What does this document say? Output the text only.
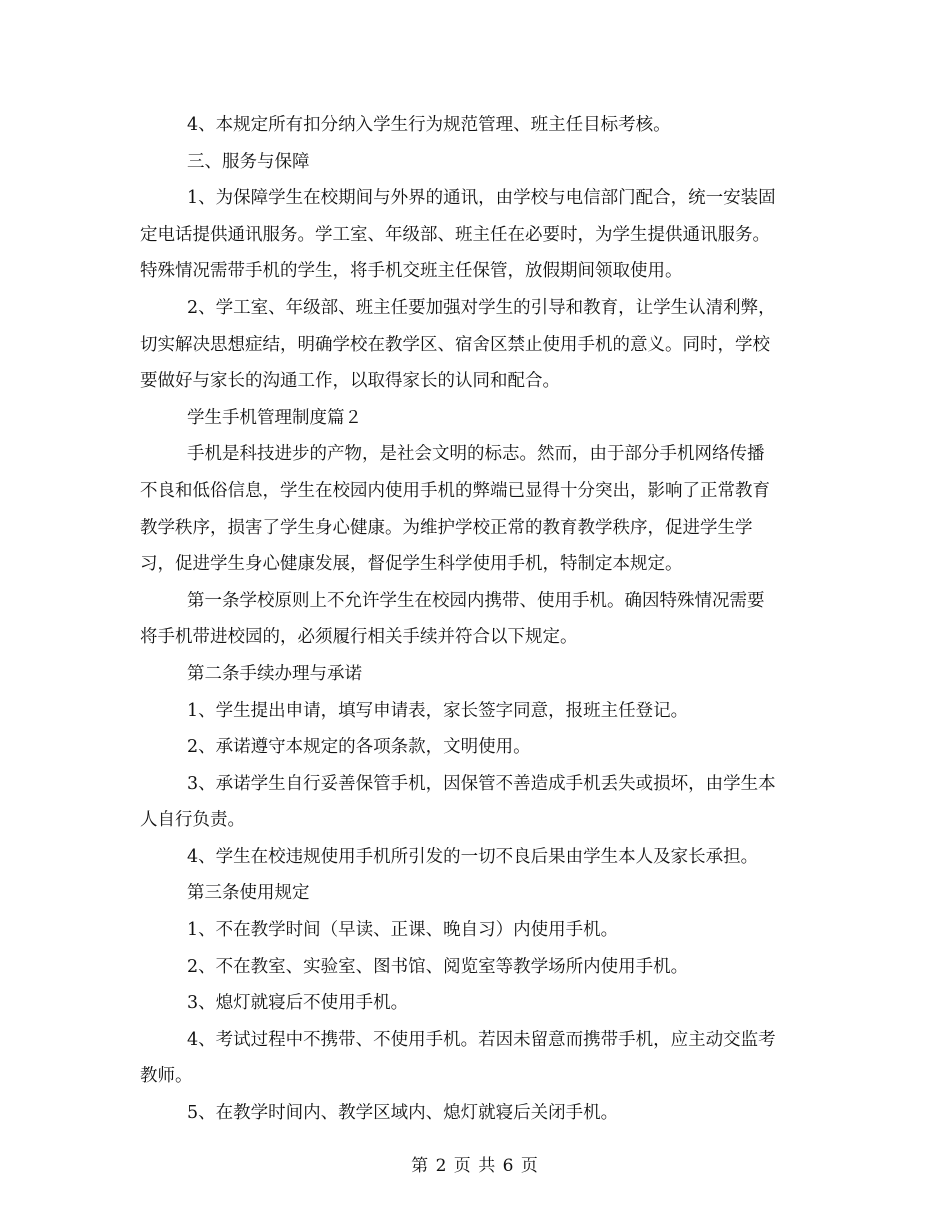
4、本规定所有扣分纳入学生行为规范管理、班主任目标考核。

三、服务与保障

1、为保障学生在校期间与外界的通讯，由学校与电信部门配合，统一安装固
定电话提供通讯服务。学工室、年级部、班主任在必要时，为学生提供通讯服务。
特殊情况需带手机的学生，将手机交班主任保管，放假期间领取使用。

2、学工室、年级部、班主任要加强对学生的引导和教育，让学生认清利弊，
切实解决思想症结，明确学校在教学区、宿舍区禁止使用手机的意义。同时，学校
要做好与家长的沟通工作，以取得家长的认同和配合。

学生手机管理制度篇２

手机是科技进步的产物，是社会文明的标志。然而，由于部分手机网络传播
不良和低俗信息，学生在校园内使用手机的弊端已显得十分突出，影响了正常教育
教学秩序，损害了学生身心健康。为维护学校正常的教育教学秩序，促进学生学
习，促进学生身心健康发展，督促学生科学使用手机，特制定本规定。

第一条学校原则上不允许学生在校园内携带、使用手机。确因特殊情况需要
将手机带进校园的，必须履行相关手续并符合以下规定。

第二条手续办理与承诺

1、学生提出申请，填写申请表，家长签字同意，报班主任登记。

2、承诺遵守本规定的各项条款，文明使用。

3、承诺学生自行妥善保管手机，因保管不善造成手机丢失或损坏，由学生本
人自行负责。

4、学生在校违规使用手机所引发的一切不良后果由学生本人及家长承担。

第三条使用规定

1、不在教学时间（早读、正课、晚自习）内使用手机。

2、不在教室、实验室、图书馆、阅览室等教学场所内使用手机。

3、熄灯就寝后不使用手机。

4、考试过程中不携带、不使用手机。若因未留意而携带手机，应主动交监考
教师。

5、在教学时间内、教学区域内、熄灯就寝后关闭手机。

第 2 页 共 6 页
